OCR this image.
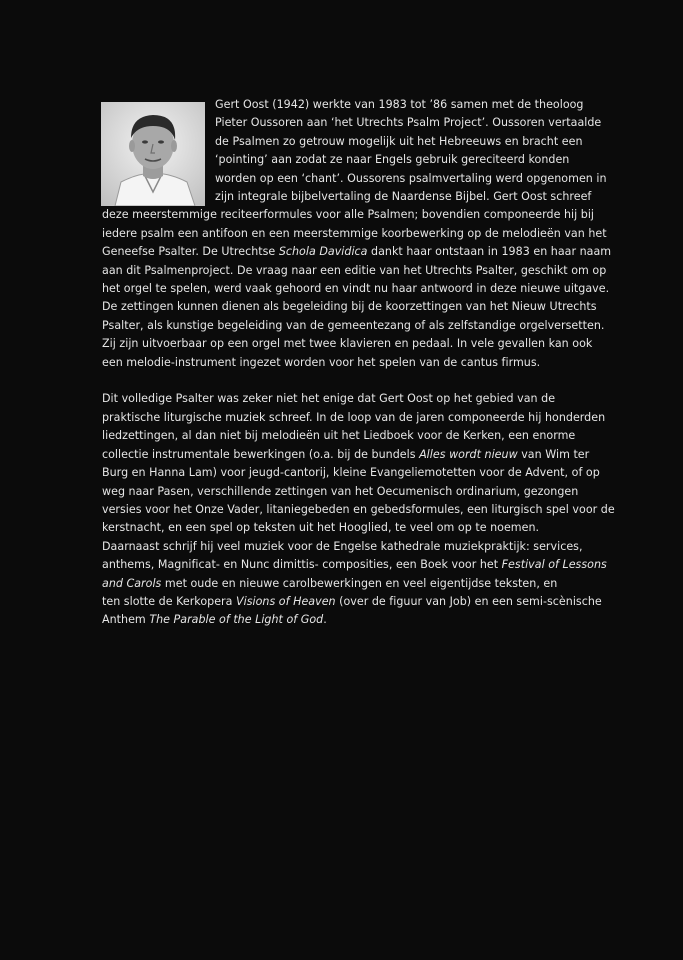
Gert Oost (1942) werkte van 1983 tot ’86 samen met de theoloog
Pieter Oussoren aan ‘het Utrechts Psalm Project’. Oussoren vertaalde
de Psalmen zo getrouw mogelijk uit het Hebreeuws en bracht een
‘pointing’ aan zodat ze naar Engels gebruik gereciteerd konden
worden op een ‘chant’. Oussorens psalmvertaling werd opgenomen in
zijn integrale bijbelvertaling de Naardense Bijbel. Gert Oost schreef
deze meerstemmige reciteerformules voor alle Psalmen; bovendien componeerde hij bij
iedere psalm een antifoon en een meerstemmige koorbewerking op de melodieën van het
Geneefse Psalter. De Utrechtse Schola Davidica dankt haar ontstaan in 1983 en haar naam
aan dit Psalmenproject. De vraag naar een editie van het Utrechts Psalter, geschikt om op
het orgel te spelen, werd vaak gehoord en vindt nu haar antwoord in deze nieuwe uitgave.
De zettingen kunnen dienen als begeleiding bij de koorzettingen van het Nieuw Utrechts
Psalter, als kunstige begeleiding van de gemeentezang of als zelfstandige orgelversetten.
Zij zijn uitvoerbaar op een orgel met twee klavieren en pedaal. In vele gevallen kan ook
een melodie-instrument ingezet worden voor het spelen van de cantus firmus.
Dit volledige Psalter was zeker niet het enige dat Gert Oost op het gebied van de
praktische liturgische muziek schreef. In de loop van de jaren componeerde hij honderden
liedzettingen, al dan niet bij melodieën uit het Liedboek voor de Kerken, een enorme
collectie instrumentale bewerkingen (o.a. bij de bundels Alles wordt nieuw van Wim ter
Burg en Hanna Lam) voor jeugd-cantorij, kleine Evangeliemotetten voor de Advent, of op
weg naar Pasen, verschillende zettingen van het Oecumenisch ordinarium, gezongen
versies voor het Onze Vader, litaniegebeden en gebedsformules, een liturgisch spel voor de
kerstnacht, en een spel op teksten uit het Hooglied, te veel om op te noemen.
Daarnaast schrijf hij veel muziek voor de Engelse kathedrale muziekpraktijk: services,
anthems, Magnificat- en Nunc dimittis- composities, een Boek voor het Festival of Lessons
and Carols met oude en nieuwe carolbewerkingen en veel eigentijdse teksten, en
ten slotte de Kerkopera Visions of Heaven (over de figuur van Job) en een semi-scènische
Anthem The Parable of the Light of God.
